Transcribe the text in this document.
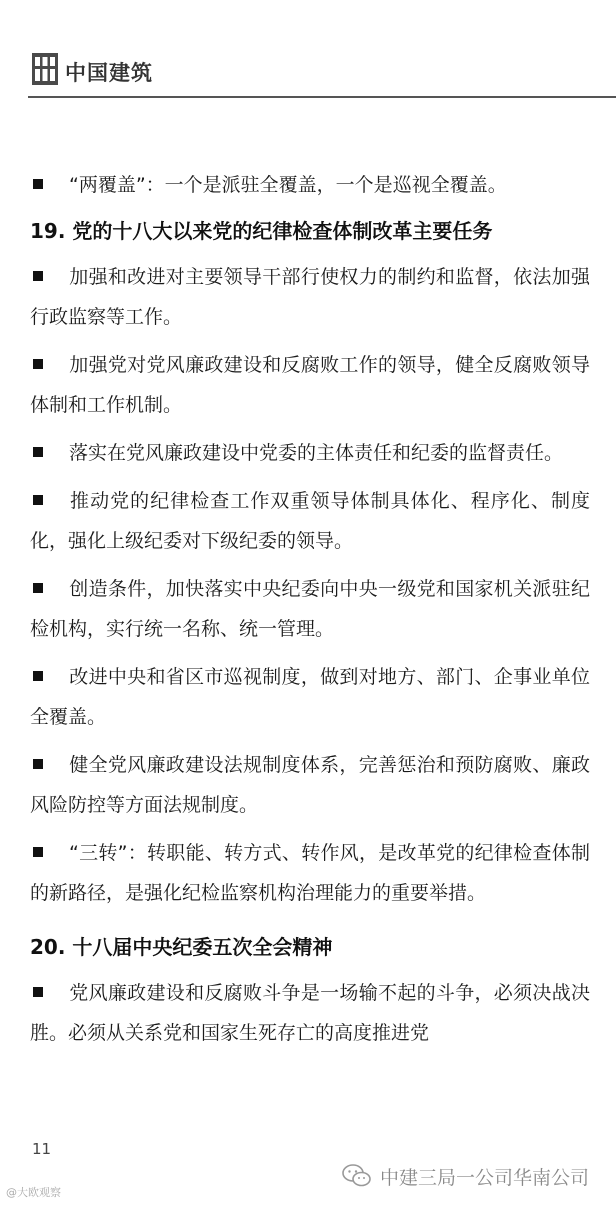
中国建筑

“两覆盖”：一个是派驻全覆盖，一个是巡视全覆盖。

19. 党的十八大以来党的纪律检查体制改革主要任务

加强和改进对主要领导干部行使权力的制约和监督，依法加强行政监察等工作。

加强党对党风廉政建设和反腐败工作的领导，健全反腐败领导体制和工作机制。

落实在党风廉政建设中党委的主体责任和纪委的监督责任。

推动党的纪律检查工作双重领导体制具体化、程序化、制度化，强化上级纪委对下级纪委的领导。

创造条件，加快落实中央纪委向中央一级党和国家机关派驻纪检机构，实行统一名称、统一管理。

改进中央和省区市巡视制度，做到对地方、部门、企事业单位全覆盖。

健全党风廉政建设法规制度体系，完善惩治和预防腐败、廉政风险防控等方面法规制度。

“三转”：转职能、转方式、转作风，是改革党的纪律检查体制的新路径，是强化纪检监察机构治理能力的重要举措。

20. 十八届中央纪委五次全会精神

党风廉政建设和反腐败斗争是一场输不起的斗争，必须决战决胜。必须从关系党和国家生死存亡的高度推进党

11
中建三局一公司华南公司
@大欧观察
